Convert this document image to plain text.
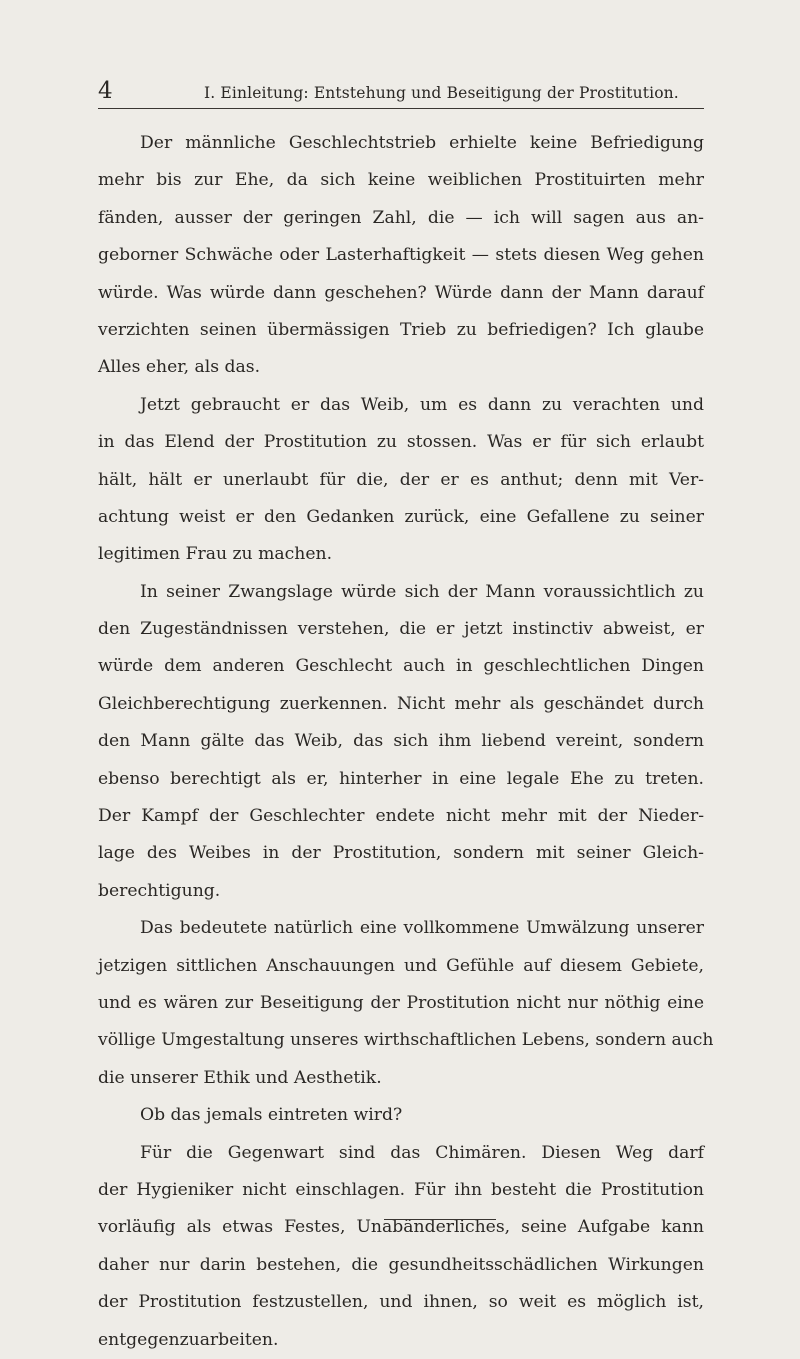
4	I. Einleitung: Entstehung und Beseitigung der Prostitution.
Der männliche Geschlechtstrieb erhielte keine Befriedigung
mehr bis zur Ehe, da sich keine weiblichen Prostituirten mehr
fänden, ausser der geringen Zahl, die — ich will sagen aus an-
geborner Schwäche oder Lasterhaftigkeit — stets diesen Weg gehen
würde. Was würde dann geschehen? Würde dann der Mann darauf
verzichten seinen übermässigen Trieb zu befriedigen? Ich glaube
Alles eher, als das.
Jetzt gebraucht er das Weib, um es dann zu verachten und
in das Elend der Prostitution zu stossen. Was er für sich erlaubt
hält, hält er unerlaubt für die, der er es anthut; denn mit Ver-
achtung weist er den Gedanken zurück, eine Gefallene zu seiner
legitimen Frau zu machen.
In seiner Zwangslage würde sich der Mann voraussichtlich zu
den Zugeständnissen verstehen, die er jetzt instinctiv abweist, er
würde dem anderen Geschlecht auch in geschlechtlichen Dingen
Gleichberechtigung zuerkennen. Nicht mehr als geschändet durch
den Mann gälte das Weib, das sich ihm liebend vereint, sondern
ebenso berechtigt als er, hinterher in eine legale Ehe zu treten.
Der Kampf der Geschlechter endete nicht mehr mit der Nieder-
lage des Weibes in der Prostitution, sondern mit seiner Gleich-
berechtigung.
Das bedeutete natürlich eine vollkommene Umwälzung unserer
jetzigen sittlichen Anschauungen und Gefühle auf diesem Gebiete,
und es wären zur Beseitigung der Prostitution nicht nur nöthig eine
völlige Umgestaltung unseres wirthschaftlichen Lebens, sondern auch
die unserer Ethik und Aesthetik.
Ob das jemals eintreten wird?
Für die Gegenwart sind das Chimären. Diesen Weg darf
der Hygieniker nicht einschlagen. Für ihn besteht die Prostitution
vorläufig als etwas Festes, Unabänderliches, seine Aufgabe kann
daher nur darin bestehen, die gesundheitsschädlichen Wirkungen
der Prostitution festzustellen, und ihnen, so weit es möglich ist,
entgegenzuarbeiten.
